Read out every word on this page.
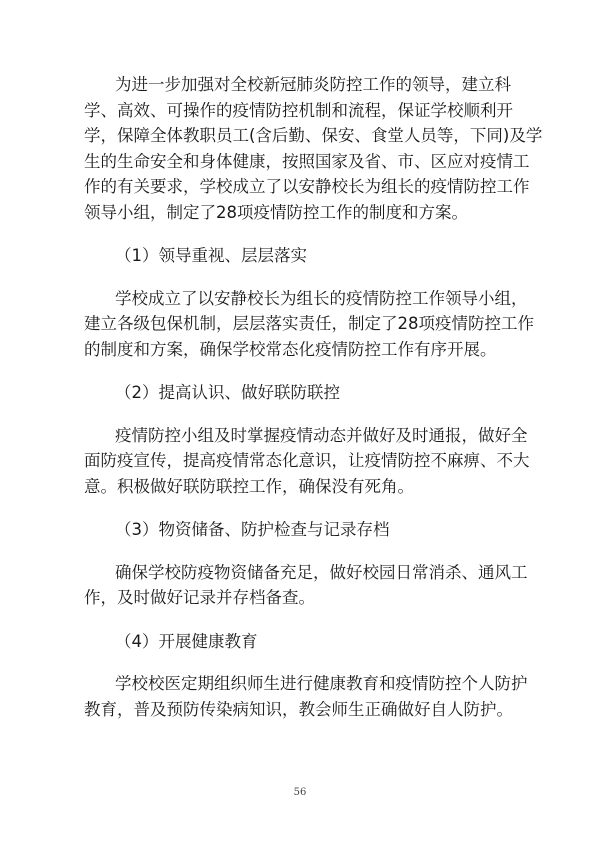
为进一步加强对全校新冠肺炎防控工作的领导，建立科
学、高效、可操作的疫情防控机制和流程，保证学校顺利开
学，保障全体教职员工(含后勤、保安、食堂人员等，下同)及学
生的生命安全和身体健康，按照国家及省、市、区应对疫情工
作的有关要求，学校成立了以安静校长为组长的疫情防控工作
领导小组，制定了28项疫情防控工作的制度和方案。

（1）领导重视、层层落实

学校成立了以安静校长为组长的疫情防控工作领导小组，
建立各级包保机制，层层落实责任，制定了28项疫情防控工作
的制度和方案，确保学校常态化疫情防控工作有序开展。

（2）提高认识、做好联防联控

疫情防控小组及时掌握疫情动态并做好及时通报，做好全
面防疫宣传，提高疫情常态化意识，让疫情防控不麻痹、不大
意。积极做好联防联控工作，确保没有死角。

（3）物资储备、防护检查与记录存档

确保学校防疫物资储备充足，做好校园日常消杀、通风工
作，及时做好记录并存档备查。

（4）开展健康教育

学校校医定期组织师生进行健康教育和疫情防控个人防护
教育，普及预防传染病知识，教会师生正确做好自人防护。

56
